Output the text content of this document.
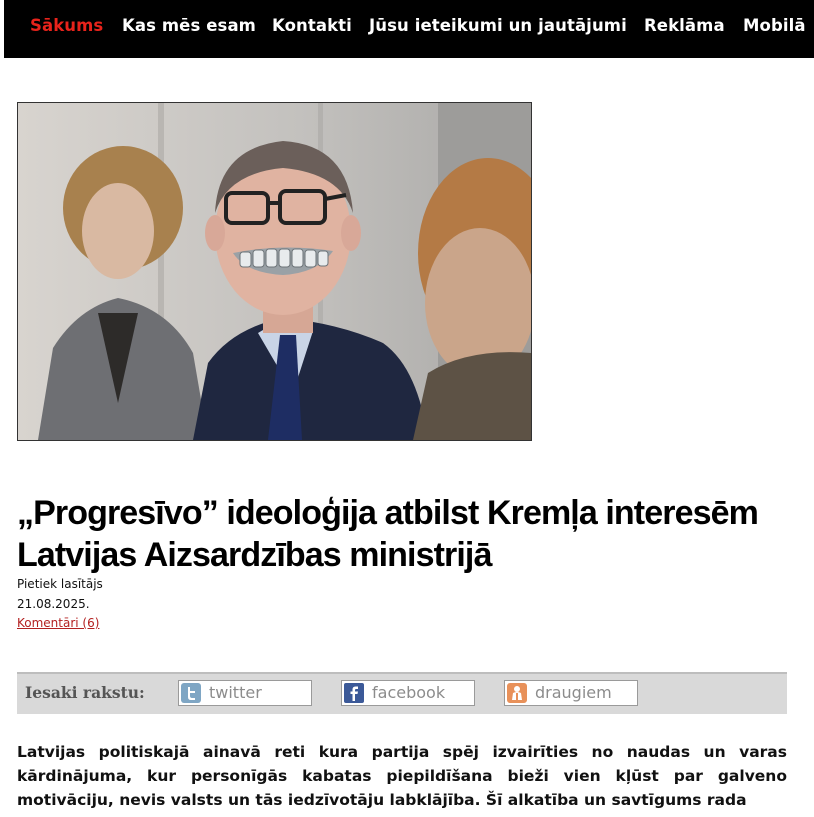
Sākums Kas mēs esam Kontakti Jūsu ieteikumi un jautājumi Reklāma Mobilā
„Progresīvo” ideoloģija atbilst Kremļa interesēm Latvijas Aizsardzības ministrijā
Pietiek lasītājs
21.08.2025.
Komentāri (6)
Iesaki rakstu:	twitter	facebook	draugiem

Latvijas politiskajā ainavā reti kura partija spēj izvairīties no naudas un varas kārdinājuma, kur personīgās kabatas piepildīšana bieži vien kļūst par galveno motivāciju, nevis valsts un tās iedzīvotāju labklājība. Šī alkatība un savtīgums rada
